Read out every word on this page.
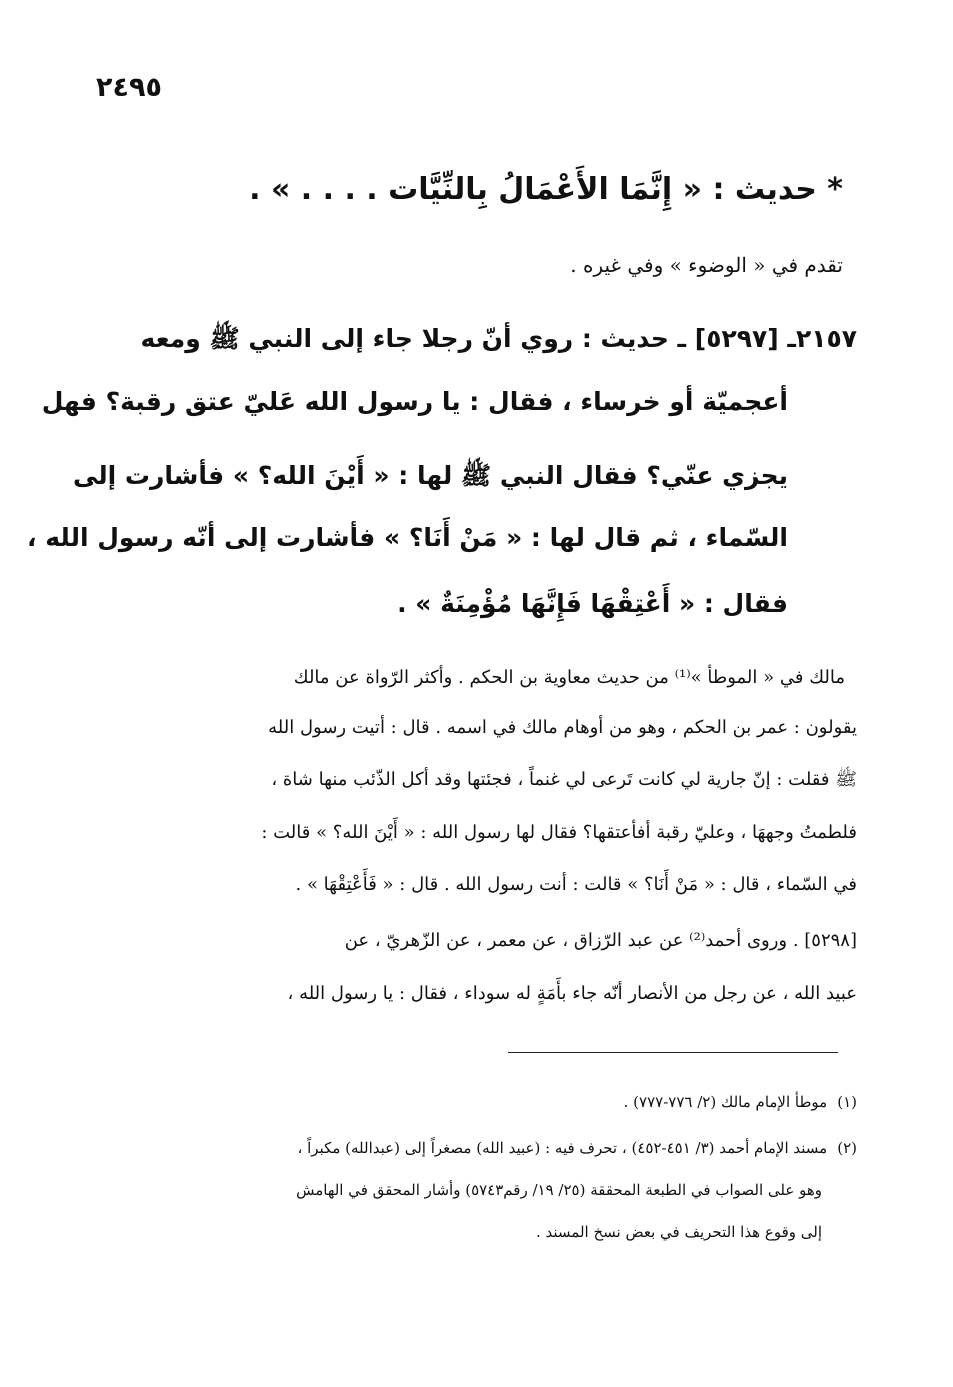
٢٤٩٥
* حديث : « إِنَّمَا الأَعْمَالُ بِالنِّيَّات . . . . » .
تقدم في « الوضوء » وفي غيره .
٢١٥٧ـ [٥٢٩٧] ـ حديث : روي أنّ رجلا جاء إلى النبي ﷺ ومعه
أعجميّة أو خرساء ، فقال : يا رسول الله عَليّ عتق رقبة؟ فهل
يجزي عنّي؟ فقال النبي ﷺ لها : « أَيْنَ الله؟ » فأشارت إلى
السّماء ، ثم قال لها : « مَنْ أَنَا؟ » فأشارت إلى أنّه رسول الله ،
فقال : « أَعْتِقْهَا فَإِنَّهَا مُؤْمِنَةٌ » .
مالك في « الموطأ »⁽¹⁾ من حديث معاوية بن الحكم . وأكثر الرّواة عن مالك
يقولون : عمر بن الحكم ، وهو من أوهام مالك في اسمه . قال : أتيت رسول الله
ﷺ فقلت : إنّ جارية لي كانت تَرعى لي غنماً ، فجئتها وقد أكل الذّئب منها شاة ،
فلطمتُ وجههَا ، وعليّ رقبة أفأعتقها؟ فقال لها رسول الله : « أَيْنَ الله؟ » قالت :
في السّماء ، قال : « مَنْ أَنَا؟ » قالت : أنت رسول الله . قال : « فَأَعْتِقْهَا » .
[٥٢٩٨] . وروى أحمد⁽²⁾ عن عبد الرّزاق ، عن معمر ، عن الزّهريّ ، عن
عبيد الله ، عن رجل من الأنصار أنّه جاء بأَمَةٍ له سوداء ، فقال : يا رسول الله ،
(١)موطأ الإمام مالك (٢/ ٧٧٦-٧٧٧) .
(٢)مسند الإمام أحمد (٣/ ٤٥١-٤٥٢) ، تحرف فيه : (عبيد الله) مصغراً إلى (عبدالله) مكبراً ،
وهو على الصواب في الطبعة المحققة (٢٥/ ١٩/ رقم٥٧٤٣) وأشار المحقق في الهامش
إلى وقوع هذا التحريف في بعض نسخ المسند .
